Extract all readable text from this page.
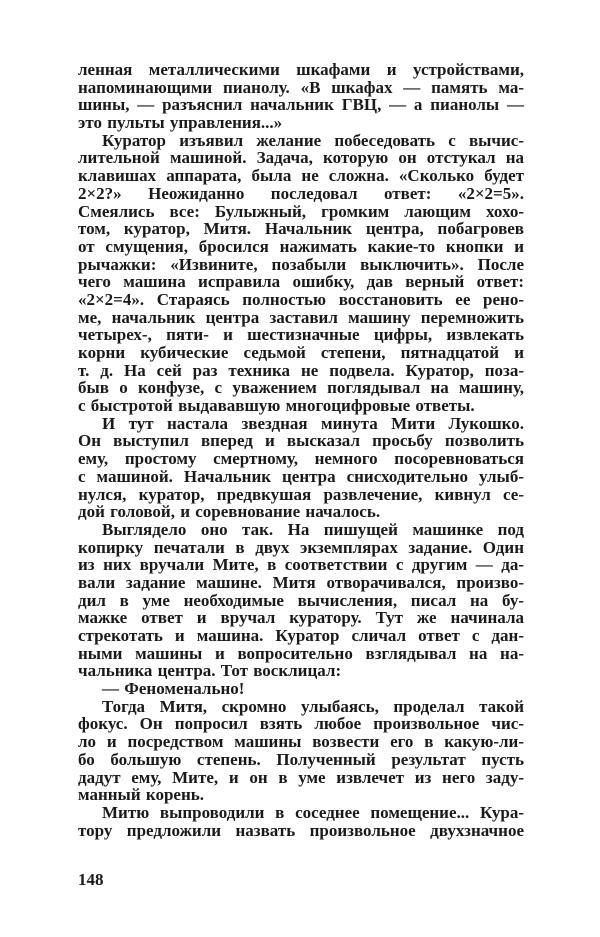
ленная металлическими шкафами и устройствами,
напоминающими пианолу. «В шкафах — память ма-
шины, — разъяснил начальник ГВЦ, — а пианолы —
это пульты управления...»
Куратор изъявил желание побеседовать с вычис-
лительной машиной. Задача, которую он отстукал на
клавишах аппарата, была не сложна. «Сколько будет
2×2?» Неожиданно последовал ответ: «2×2=5».
Смеялись все: Булыжный, громким лающим хохо-
том, куратор, Митя. Начальник центра, побагровев
от смущения, бросился нажимать какие-то кнопки и
рычажки: «Извините, позабыли выключить». После
чего машина исправила ошибку, дав верный ответ:
«2×2=4». Стараясь полностью восстановить ее рено-
ме, начальник центра заставил машину перемножить
четырех-, пяти- и шестизначные цифры, извлекать
корни кубические седьмой степени, пятнадцатой и
т. д. На сей раз техника не подвела. Куратор, поза-
быв о конфузе, с уважением поглядывал на машину,
с быстротой выдававшую многоцифровые ответы.
И тут настала звездная минута Мити Лукошко.
Он выступил вперед и высказал просьбу позволить
ему, простому смертному, немного посоревноваться
с машиной. Начальник центра снисходительно улыб-
нулся, куратор, предвкушая развлечение, кивнул се-
дой головой, и соревнование началось.
Выглядело оно так. На пишущей машинке под
копирку печатали в двух экземплярах задание. Один
из них вручали Мите, в соответствии с другим — да-
вали задание машине. Митя отворачивался, произво-
дил в уме необходимые вычисления, писал на бу-
мажке ответ и вручал куратору. Тут же начинала
стрекотать и машина. Куратор сличал ответ с дан-
ными машины и вопросительно взглядывал на на-
чальника центра. Тот восклицал:
— Феноменально!
Тогда Митя, скромно улыбаясь, проделал такой
фокус. Он попросил взять любое произвольное чис-
ло и посредством машины возвести его в какую-ли-
бо большую степень. Полученный результат пусть
дадут ему, Мите, и он в уме извлечет из него заду-
манный корень.
Митю выпроводили в соседнее помещение... Кура-
тору предложили назвать произвольное двухзначное
148
